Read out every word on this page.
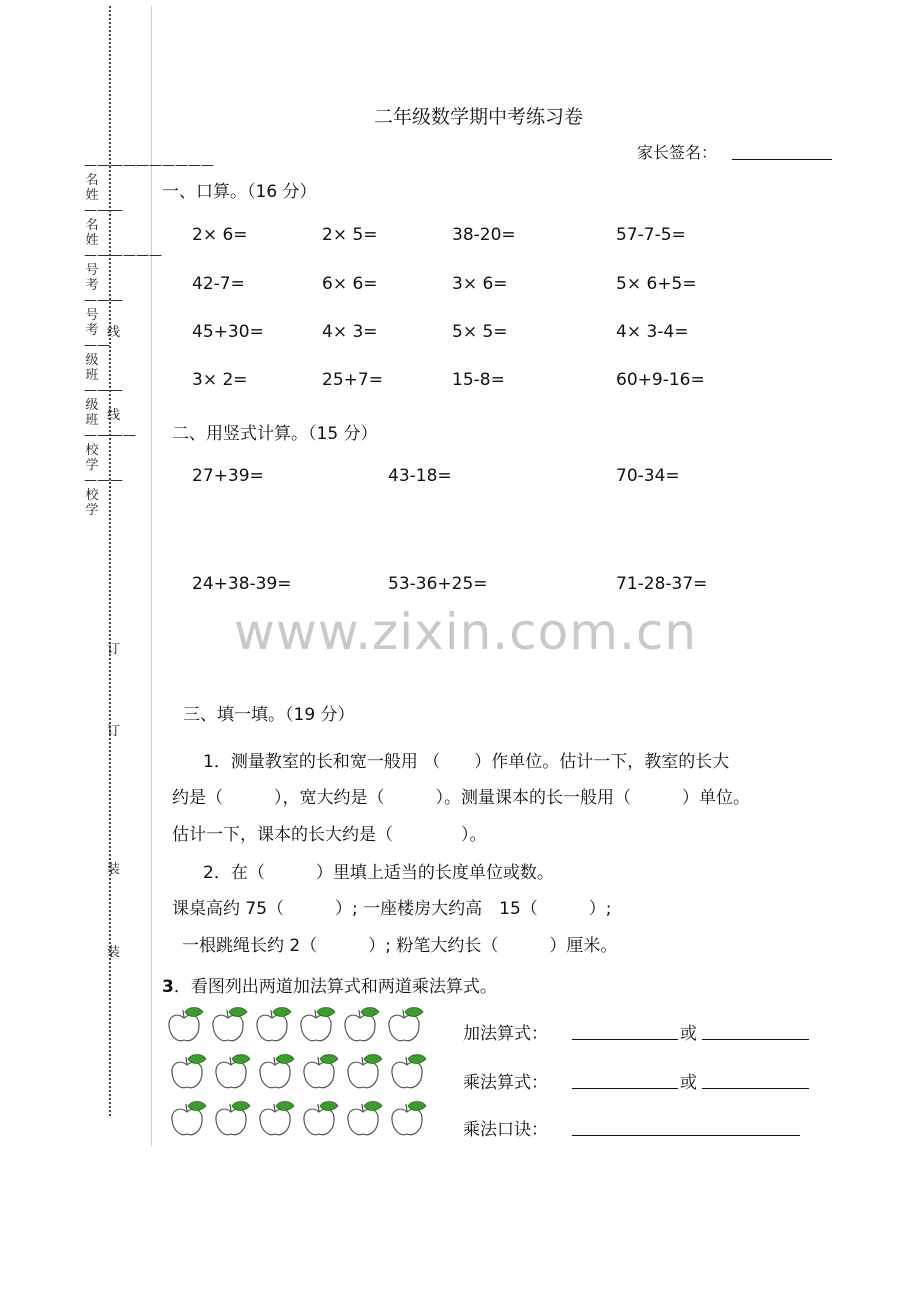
——————————名姓———名姓——————号考———号考——级班———级班————校学———校学
线
线
订
订
装
装
二年级数学期中考练习卷
家长签名：
一、口算。（16 分）
2× 6=	2× 5=	38-20=	57-7-5=
42-7=	6× 6=	3× 6=	5× 6+5=
45+30=	4× 3=	5× 5=	4× 3-4=
3× 2=	25+7=	15-8=	60+9-16=
二、用竖式计算。（15 分）
27+39=	43-18=	70-34=
24+38-39=	53-36+25=	71-28-37=
www.zixin.com.cn
三、填一填。（19 分）
1．测量教室的长和宽一般用 （　　）作单位。估计一下，教室的长大
约是（　　　），宽大约是（　　　）。测量课本的长一般用（　　　）单位。
估计一下，课本的长大约是（　　　　）。
2．在（　　　）里填上适当的长度单位或数。
课桌高约 75（　　　）; 一座楼房大约高　15（　　　）;
一根跳绳长约 2（　　　）; 粉笔大约长（　　　）厘米。
3．看图列出两道加法算式和两道乘法算式。
加法算式：	或
乘法算式：	或
乘法口诀：
